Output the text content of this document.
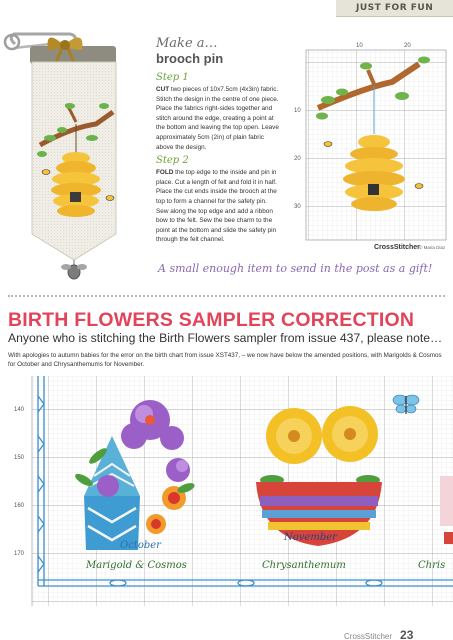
JUST FOR FUN
Make a…
brooch pin
Step 1

CUT two pieces of 10x7.5cm (4x3in) fabric. Stitch the design in the centre of one piece. Place the fabrics right-sides together and stitch around the edge, creating a point at the bottom and leaving the top open. Leave approximately 5cm (2in) of plain fabric above the design.

Step 2

FOLD the top edge to the inside and pin in place. Cut a length of felt and fold it in half. Place the cut ends inside the brooch at the top to form a channel for the safety pin. Sew along the top edge and add a ribbon bow to the felt. Sew the bee charm to the point at the bottom and slide the safety pin through the felt channel.

10	20
10
20
30
CrossStitcher © Maria Diaz
A small enough item to send in the post as a gift!
BIRTH FLOWERS SAMPLER CORRECTION
Anyone who is stitching the Birth Flowers sampler from issue 437, please note…
With apologies to autumn babies for the error on the birth chart from issue XST437, – we now have below the amended positions, with Marigolds & Cosmos for October and Chrysanthemums for November.
140
150
160
170
October
Marigold & Cosmos
November
Chrysanthemum	Chris
CrossStitcher 23
